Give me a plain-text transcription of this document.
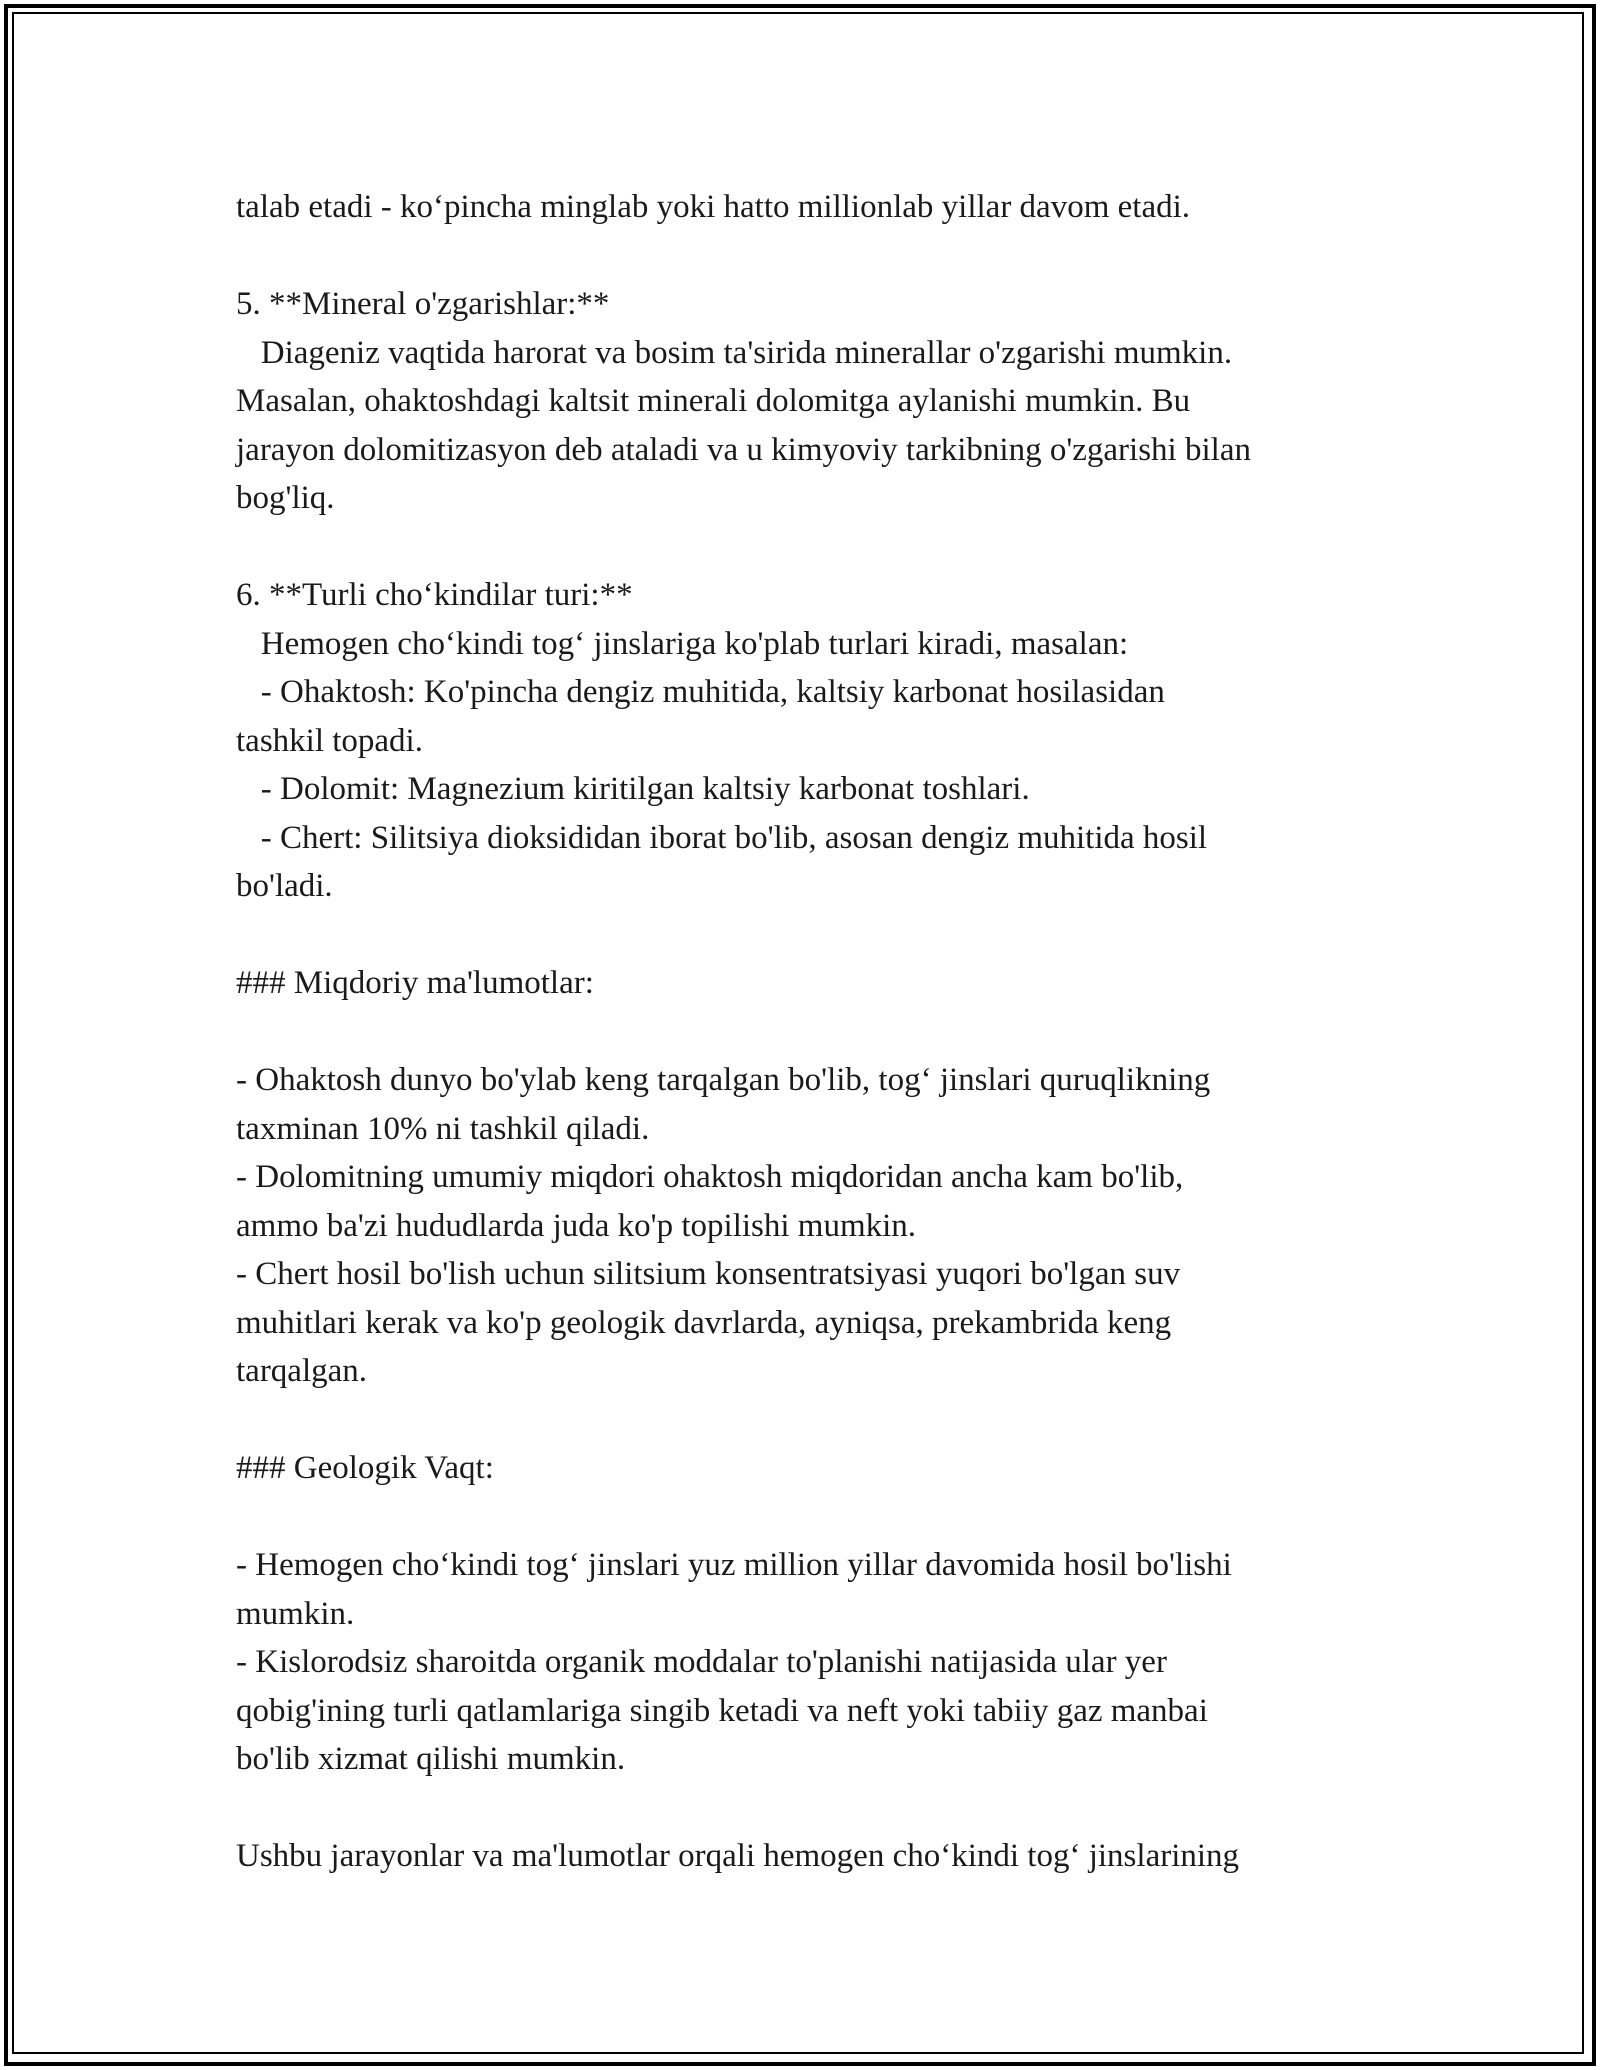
talab etadi - koʻpincha minglab yoki hatto millionlab yillar davom etadi.
5. **Mineral o'zgarishlar:**
Diageniz vaqtida harorat va bosim ta'sirida minerallar o'zgarishi mumkin.
Masalan, ohaktoshdagi kaltsit minerali dolomitga aylanishi mumkin. Bu
jarayon dolomitizasyon deb ataladi va u kimyoviy tarkibning o'zgarishi bilan
bog'liq.
6. **Turli choʻkindilar turi:**
Hemogen choʻkindi togʻ jinslariga ko'plab turlari kiradi, masalan:
- Ohaktosh: Ko'pincha dengiz muhitida, kaltsiy karbonat hosilasidan
tashkil topadi.
- Dolomit: Magnezium kiritilgan kaltsiy karbonat toshlari.
- Chert: Silitsiya dioksididan iborat bo'lib, asosan dengiz muhitida hosil
bo'ladi.
### Miqdoriy ma'lumotlar:
- Ohaktosh dunyo bo'ylab keng tarqalgan bo'lib, togʻ jinslari quruqlikning
taxminan 10% ni tashkil qiladi.
- Dolomitning umumiy miqdori ohaktosh miqdoridan ancha kam bo'lib,
ammo ba'zi hududlarda juda ko'p topilishi mumkin.
- Chert hosil bo'lish uchun silitsium konsentratsiyasi yuqori bo'lgan suv
muhitlari kerak va ko'p geologik davrlarda, ayniqsa, prekambrida keng
tarqalgan.
### Geologik Vaqt:
- Hemogen choʻkindi togʻ jinslari yuz million yillar davomida hosil bo'lishi
mumkin.
- Kislorodsiz sharoitda organik moddalar to'planishi natijasida ular yer
qobig'ining turli qatlamlariga singib ketadi va neft yoki tabiiy gaz manbai
bo'lib xizmat qilishi mumkin.
Ushbu jarayonlar va ma'lumotlar orqali hemogen choʻkindi togʻ jinslarining
